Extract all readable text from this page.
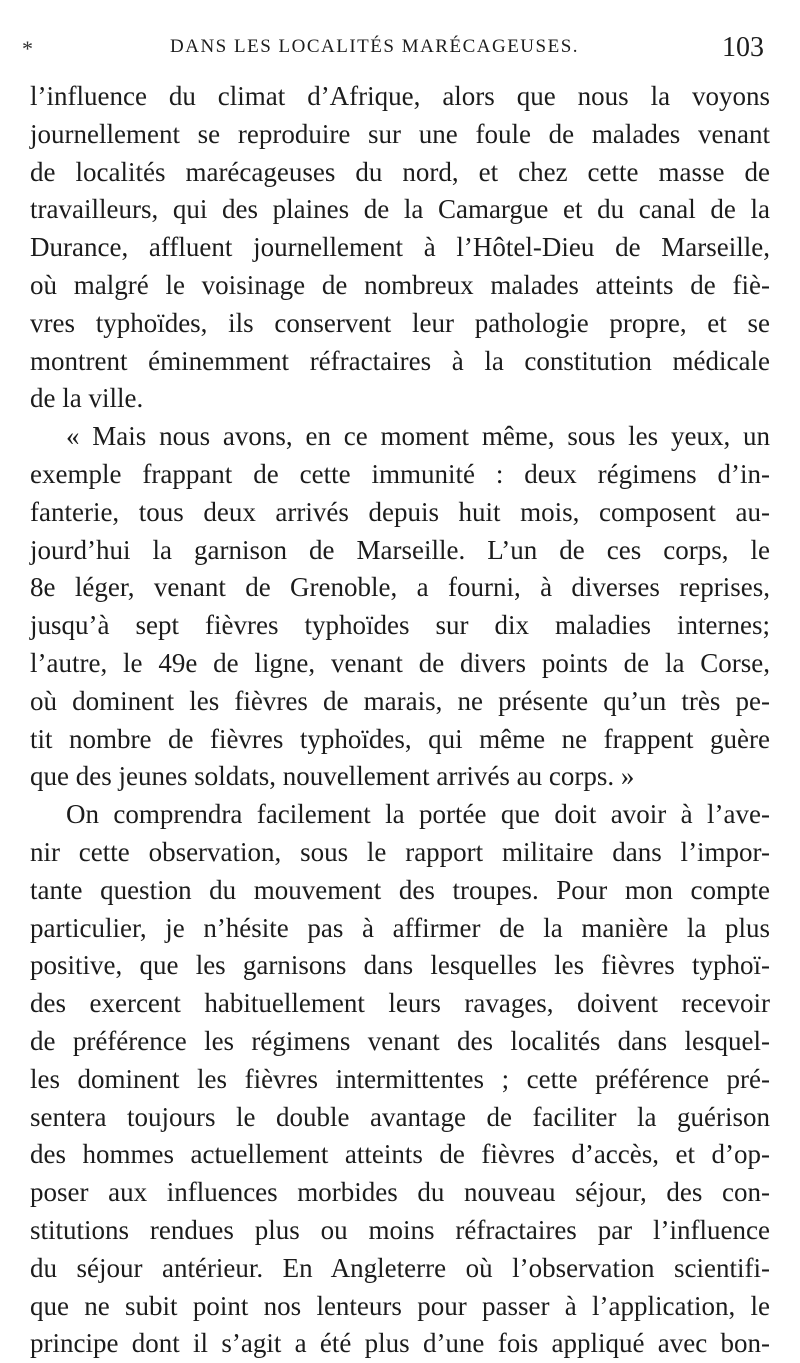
*	DANS LES LOCALITÉS MARÉCAGEUSES.	103
l’influence du climat d’Afrique, alors que nous la voyons
journellement se reproduire sur une foule de malades venant
de localités marécageuses du nord, et chez cette masse de
travailleurs, qui des plaines de la Camargue et du canal de la
Durance, affluent journellement à l’Hôtel-Dieu de Marseille,
où malgré le voisinage de nombreux malades atteints de fiè-
vres typhoïdes, ils conservent leur pathologie propre, et se
montrent éminemment réfractaires à la constitution médicale
de la ville.
« Mais nous avons, en ce moment même, sous les yeux, un
exemple frappant de cette immunité : deux régimens d’in-
fanterie, tous deux arrivés depuis huit mois, composent au-
jourd’hui la garnison de Marseille. L’un de ces corps, le
8e léger, venant de Grenoble, a fourni, à diverses reprises,
jusqu’à sept fièvres typhoïdes sur dix maladies internes;
l’autre, le 49e de ligne, venant de divers points de la Corse,
où dominent les fièvres de marais, ne présente qu’un très pe-
tit nombre de fièvres typhoïdes, qui même ne frappent guère
que des jeunes soldats, nouvellement arrivés au corps. »
On comprendra facilement la portée que doit avoir à l’ave-
nir cette observation, sous le rapport militaire dans l’impor-
tante question du mouvement des troupes. Pour mon compte
particulier, je n’hésite pas à affirmer de la manière la plus
positive, que les garnisons dans lesquelles les fièvres typhoï-
des exercent habituellement leurs ravages, doivent recevoir
de préférence les régimens venant des localités dans lesquel-
les dominent les fièvres intermittentes ; cette préférence pré-
sentera toujours le double avantage de faciliter la guérison
des hommes actuellement atteints de fièvres d’accès, et d’op-
poser aux influences morbides du nouveau séjour, des con-
stitutions rendues plus ou moins réfractaires par l’influence
du séjour antérieur. En Angleterre où l’observation scientifi-
que ne subit point nos lenteurs pour passer à l’application, le
principe dont il s’agit a été plus d’une fois appliqué avec bon-
